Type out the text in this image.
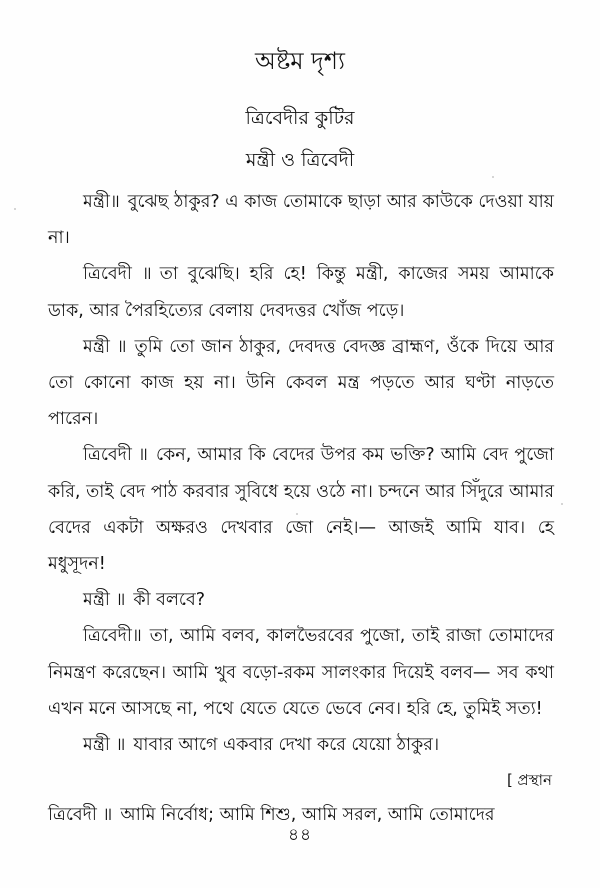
অষ্টম দৃশ্য
ত্রিবেদীর কুটির
মন্ত্রী ও ত্রিবেদী

মন্ত্রী॥ বুঝেছ ঠাকুর? এ কাজ তোমাকে ছাড়া আর কাউকে দেওয়া যায় না।

ত্রিবেদী ॥ তা বুঝেছি। হরি হে! কিন্তু মন্ত্রী, কাজের সময় আমাকে ডাক, আর পৈরহিত্যের বেলায় দেবদত্তর খোঁজ পড়ে।

মন্ত্রী ॥ তুমি তো জান ঠাকুর, দেবদত্ত বেদজ্ঞ ব্রাহ্মণ, ওঁকে দিয়ে আর তো কোনো কাজ হয় না। উনি কেবল মন্ত্র পড়তে আর ঘণ্টা নাড়তে পারেন।

ত্রিবেদী ॥ কেন, আমার কি বেদের উপর কম ভক্তি? আমি বেদ পুজো করি, তাই বেদ পাঠ করবার সুবিধে হয়ে ওঠে না। চন্দনে আর সিঁদুরে আমার বেদের একটা অক্ষরও দেখবার জো নেই।— আজই আমি যাব। হে মধুসূদন!

মন্ত্রী ॥ কী বলবে?

ত্রিবেদী॥ তা, আমি বলব, কালভৈরবের পুজো, তাই রাজা তোমাদের নিমন্ত্রণ করেছেন। আমি খুব বড়ো-রকম সালংকার দিয়েই বলব— সব কথা এখন মনে আসছে না, পথে যেতে যেতে ভেবে নেব। হরি হে, তুমিই সত্য!

মন্ত্রী ॥ যাবার আগে একবার দেখা করে যেয়ো ঠাকুর।

[ প্রস্থান

ত্রিবেদী ॥ আমি নির্বোধ; আমি শিশু, আমি সরল, আমি তোমাদের

৪৪
